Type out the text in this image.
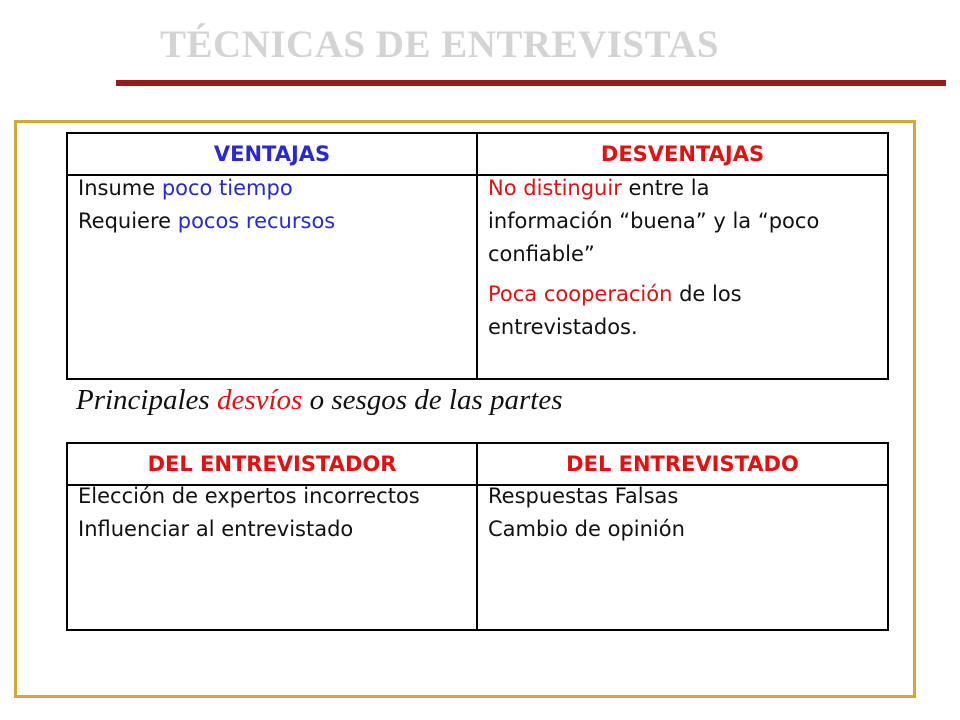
TÉCNICAS DE ENTREVISTAS
VENTAJAS	DESVENTAJAS

Insume poco tiempo

Requiere pocos recursos

No distinguir entre la
información “buena” y la “poco
confiable”

Poca cooperación de los
entrevistados.

Principales desvíos o sesgos de las partes
DEL ENTREVISTADOR	DEL ENTREVISTADO

Elección de expertos incorrectos

Influenciar al entrevistado

Respuestas Falsas

Cambio de opinión
